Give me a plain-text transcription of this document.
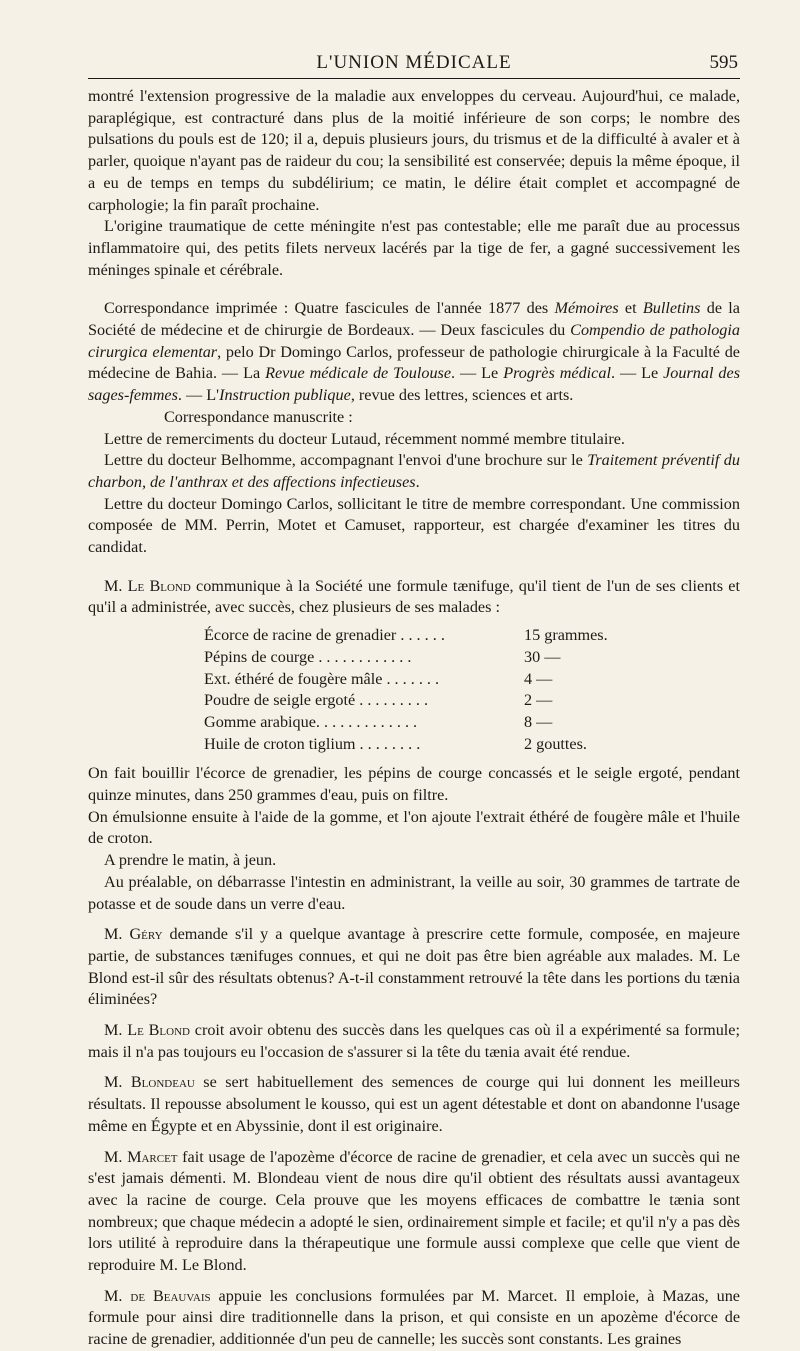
L'UNION MÉDICALE	595

montré l'extension progressive de la maladie aux enveloppes du cerveau. Aujourd'hui, ce malade, paraplégique, est contracturé dans plus de la moitié inférieure de son corps; le nombre des pulsations du pouls est de 120; il a, depuis plusieurs jours, du trismus et de la difficulté à avaler et à parler, quoique n'ayant pas de raideur du cou; la sensibilité est conservée; depuis la même époque, il a eu de temps en temps du subdélirium; ce matin, le délire était complet et accompagné de carphologie; la fin paraît prochaine.

L'origine traumatique de cette méningite n'est pas contestable; elle me paraît due au processus inflammatoire qui, des petits filets nerveux lacérés par la tige de fer, a gagné successivement les méninges spinale et cérébrale.

Correspondance imprimée : Quatre fascicules de l'année 1877 des Mémoires et Bulletins de la Société de médecine et de chirurgie de Bordeaux. — Deux fascicules du Compendio de pathologia cirurgica elementar, pelo Dr Domingo Carlos, professeur de pathologie chirurgicale à la Faculté de médecine de Bahia. — La Revue médicale de Toulouse. — Le Progrès médical. — Le Journal des sages-femmes. — L'Instruction publique, revue des lettres, sciences et arts.

Correspondance manuscrite :

Lettre de remerciments du docteur Lutaud, récemment nommé membre titulaire.

Lettre du docteur Belhomme, accompagnant l'envoi d'une brochure sur le Traitement préventif du charbon, de l'anthrax et des affections infectieuses.

Lettre du docteur Domingo Carlos, sollicitant le titre de membre correspondant. Une commission composée de MM. Perrin, Motet et Camuset, rapporteur, est chargée d'examiner les titres du candidat.

M. Le Blond communique à la Société une formule tænifuge, qu'il tient de l'un de ses clients et qu'il a administrée, avec succès, chez plusieurs de ses malades :

Écorce de racine de grenadier . . . . . .	15 grammes.
Pépins de courge . . . . . . . . . . . .	30 —
Ext. éthéré de fougère mâle . . . . . . .	4 —
Poudre de seigle ergoté . . . . . . . . .	2 —
Gomme arabique. . . . . . . . . . . . .	8 —
Huile de croton tiglium . . . . . . . .	2 gouttes.

On fait bouillir l'écorce de grenadier, les pépins de courge concassés et le seigle ergoté, pendant quinze minutes, dans 250 grammes d'eau, puis on filtre.

On émulsionne ensuite à l'aide de la gomme, et l'on ajoute l'extrait éthéré de fougère mâle et l'huile de croton.

A prendre le matin, à jeun.

Au préalable, on débarrasse l'intestin en administrant, la veille au soir, 30 grammes de tartrate de potasse et de soude dans un verre d'eau.

M. Géry demande s'il y a quelque avantage à prescrire cette formule, composée, en majeure partie, de substances tænifuges connues, et qui ne doit pas être bien agréable aux malades. M. Le Blond est-il sûr des résultats obtenus? A-t-il constamment retrouvé la tête dans les portions du tænia éliminées?

M. Le Blond croit avoir obtenu des succès dans les quelques cas où il a expérimenté sa formule; mais il n'a pas toujours eu l'occasion de s'assurer si la tête du tænia avait été rendue.

M. Blondeau se sert habituellement des semences de courge qui lui donnent les meilleurs résultats. Il repousse absolument le kousso, qui est un agent détestable et dont on abandonne l'usage même en Égypte et en Abyssinie, dont il est originaire.

M. Marcet fait usage de l'apozème d'écorce de racine de grenadier, et cela avec un succès qui ne s'est jamais démenti. M. Blondeau vient de nous dire qu'il obtient des résultats aussi avantageux avec la racine de courge. Cela prouve que les moyens efficaces de combattre le tænia sont nombreux; que chaque médecin a adopté le sien, ordinairement simple et facile; et qu'il n'y a pas dès lors utilité à reproduire dans la thérapeutique une formule aussi complexe que celle que vient de reproduire M. Le Blond.

M. de Beauvais appuie les conclusions formulées par M. Marcet. Il emploie, à Mazas, une formule pour ainsi dire traditionnelle dans la prison, et qui consiste en un apozème d'écorce de racine de grenadier, additionnée d'un peu de cannelle; les succès sont constants. Les graines
